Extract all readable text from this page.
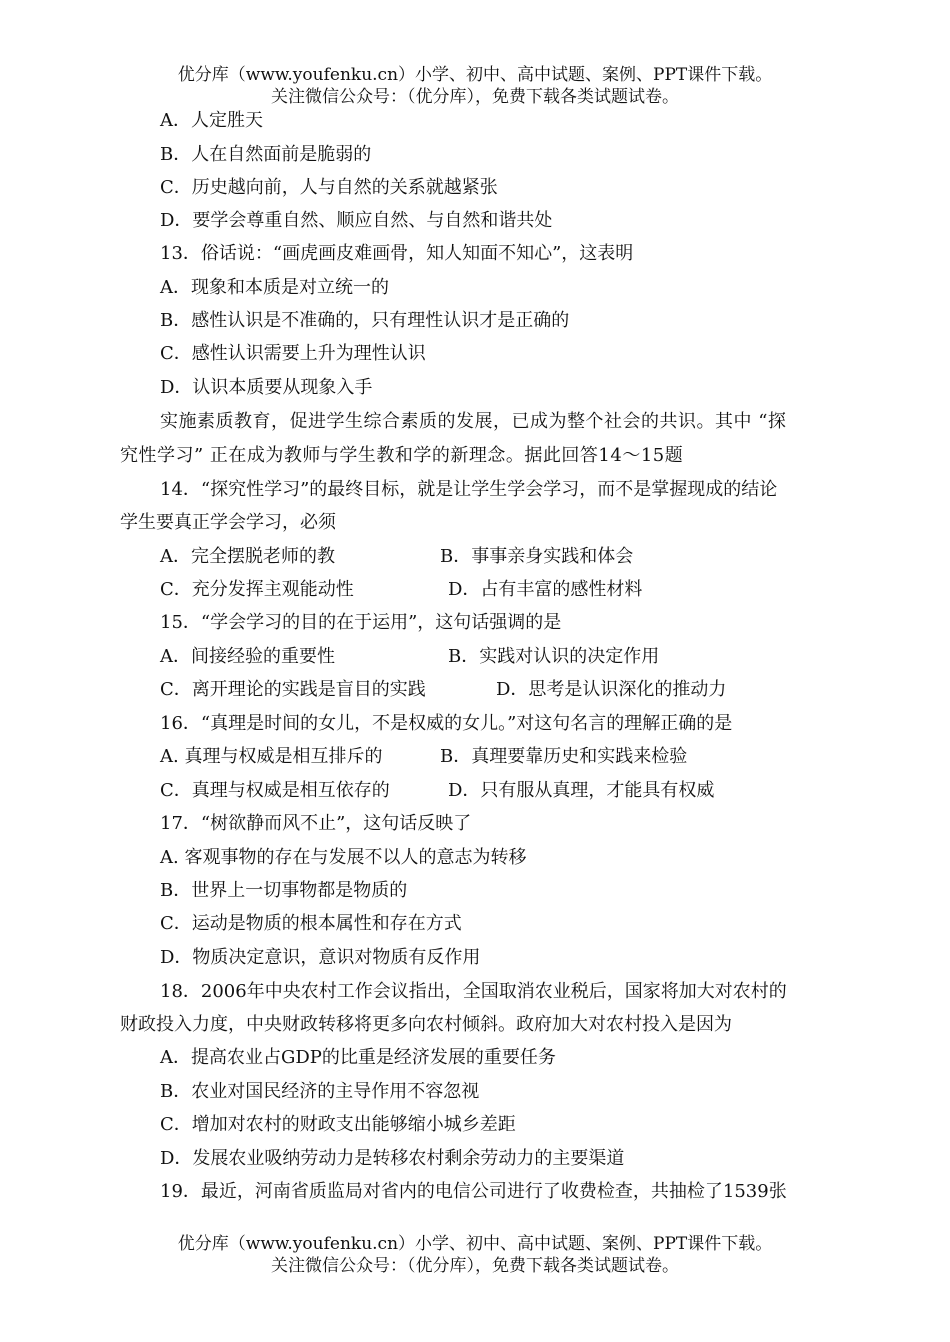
优分库（www.youfenku.cn）小学、初中、高中试题、案例、PPT课件下载。
关注微信公众号：（优分库），免费下载各类试题试卷。
A．人定胜天
B．人在自然面前是脆弱的
C．历史越向前，人与自然的关系就越紧张
D．要学会尊重自然、顺应自然、与自然和谐共处
13．俗话说：“画虎画皮难画骨，知人知面不知心”，这表明
A．现象和本质是对立统一的
B．感性认识是不准确的，只有理性认识才是正确的
C．感性认识需要上升为理性认识
D．认识本质要从现象入手
实施素质教育，促进学生综合素质的发展，已成为整个社会的共识。其中 “探
究性学习” 正在成为教师与学生教和学的新理念。据此回答14～15题
14．“探究性学习”的最终目标，就是让学生学会学习，而不是掌握现成的结论
学生要真正学会学习，必须
A．完全摆脱老师的教	B．事事亲身实践和体会
C．充分发挥主观能动性	D．占有丰富的感性材料
15．“学会学习的目的在于运用”，这句话强调的是
A．间接经验的重要性	B．实践对认识的决定作用
C．离开理论的实践是盲目的实践	D．思考是认识深化的推动力
16．“真理是时间的女儿，不是权威的女儿。”对这句名言的理解正确的是
A. 真理与权威是相互排斥的	B．真理要靠历史和实践来检验
C．真理与权威是相互依存的	D．只有服从真理，才能具有权威
17．“树欲静而风不止”，这句话反映了
A. 客观事物的存在与发展不以人的意志为转移
B．世界上一切事物都是物质的
C．运动是物质的根本属性和存在方式
D．物质决定意识，意识对物质有反作用
18．2006年中央农村工作会议指出，全国取消农业税后，国家将加大对农村的
财政投入力度，中央财政转移将更多向农村倾斜。政府加大对农村投入是因为
A．提高农业占GDP的比重是经济发展的重要任务
B．农业对国民经济的主导作用不容忽视
C．增加对农村的财政支出能够缩小城乡差距
D．发展农业吸纳劳动力是转移农村剩余劳动力的主要渠道
19．最近，河南省质监局对省内的电信公司进行了收费检查，共抽检了1539张
优分库（www.youfenku.cn）小学、初中、高中试题、案例、PPT课件下载。
关注微信公众号：（优分库），免费下载各类试题试卷。
